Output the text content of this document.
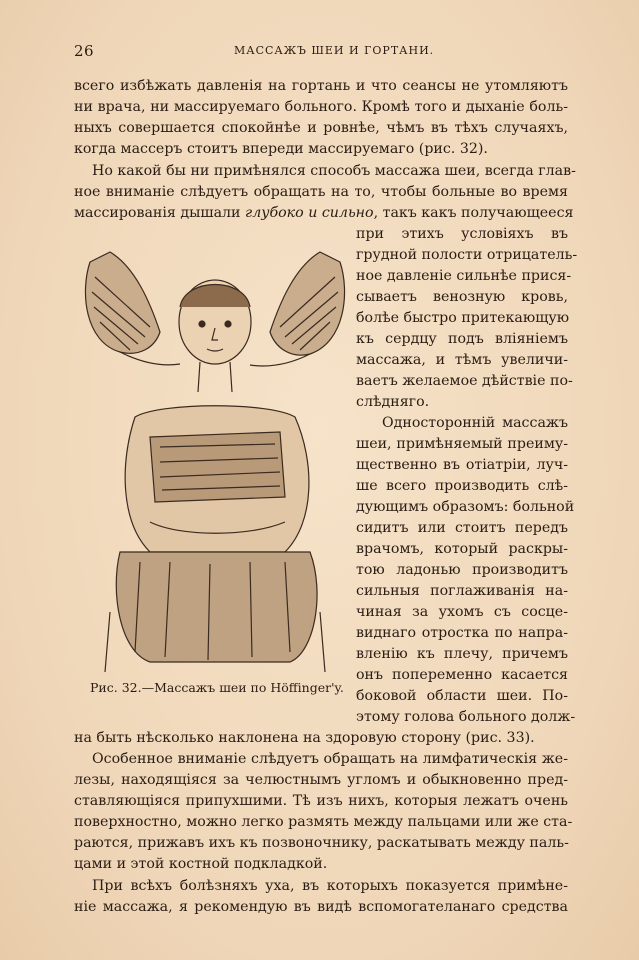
26	МАССАЖЪ ШЕИ И ГОРТАНИ.
всего избѣжать давленія на гортань и что сеансы не утомляютъ
ни врача, ни массируемаго больного. Кромѣ того и дыханіе боль-
ныхъ совершается спокойнѣе и ровнѣе, чѣмъ въ тѣхъ случаяхъ,
когда массеръ стоитъ впереди массируемаго (рис. 32).
Но какой бы ни примѣнялся способъ массажа шеи, всегда глав-
ное вниманіе слѣдуетъ обращать на то, чтобы больные во время
массированія дышали глубоко и сильно, такъ какъ получающееся
при этихъ условіяхъ въ
грудной полости отрицатель-
ное давленіе сильнѣе прися-
сываетъ венозную кровь,
болѣе быстро притекающую
къ сердцу подъ вліяніемъ
массажа, и тѣмъ увеличи-
ваетъ желаемое дѣйствіе по-
слѣдняго.
Односторонній массажъ
шеи, примѣняемый преиму-
щественно въ отіатріи, луч-
ше всего производить слѣ-
дующимъ образомъ: больной
сидитъ или стоитъ передъ
врачомъ, который раскры-
тою ладонью производитъ
сильныя поглаживанія на-
чиная за ухомъ съ сосце-
виднаго отростка по напра-
вленію къ плечу, причемъ
онъ попеременно касается
боковой области шеи. По-
этому голова больного долж-
Рис. 32.—Массажъ шеи по Höffinger'y.
на быть нѣсколько наклонена на здоровую сторону (рис. 33).
Особенное вниманіе слѣдуетъ обращать на лимфатическія же-
лезы, находящіяся за челюстнымъ угломъ и обыкновенно пред-
ставляющіяся припухшими. Тѣ изъ нихъ, которыя лежатъ очень
поверхностно, можно легко размять между пальцами или же ста-
раются, прижавъ ихъ къ позвоночнику, раскатывать между паль-
цами и этой костной подкладкой.
При всѣхъ болѣзняхъ уха, въ которыхъ показуется примѣне-
ніе массажа, я рекомендую въ видѣ вспомогателанаго средства
